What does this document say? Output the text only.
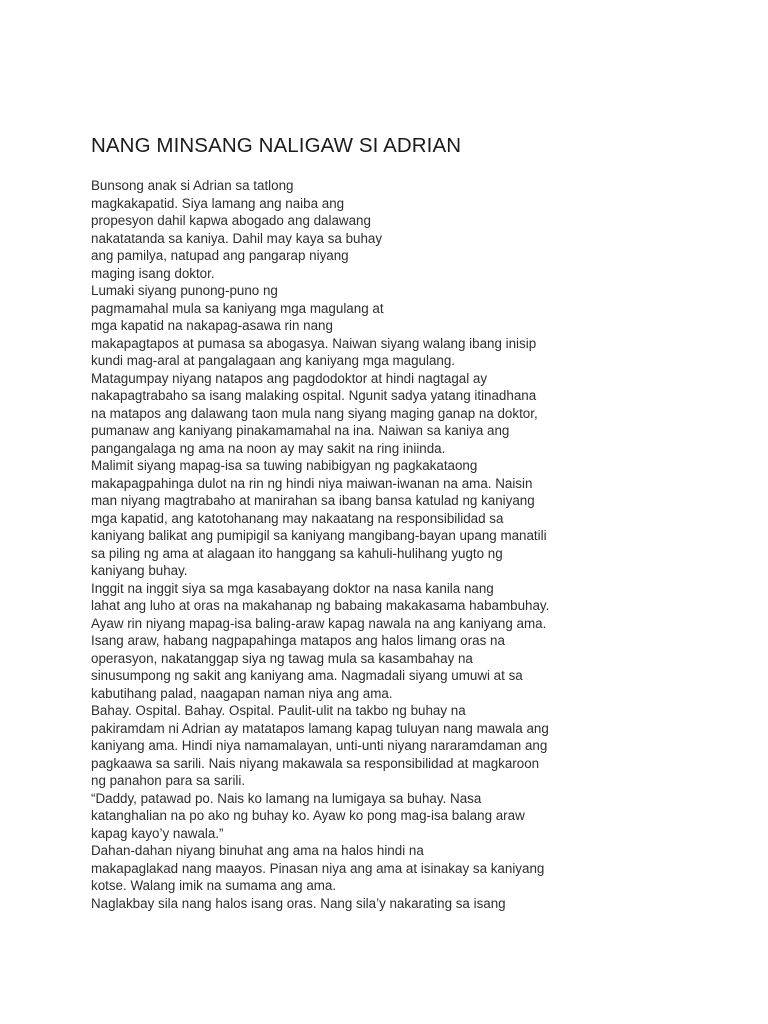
NANG MINSANG NALIGAW SI ADRIAN
Bunsong anak si Adrian sa tatlong
magkakapatid. Siya lamang ang naiba ang
propesyon dahil kapwa abogado ang dalawang
nakatatanda sa kaniya. Dahil may kaya sa buhay
ang pamilya, natupad ang pangarap niyang
maging isang doktor.
Lumaki siyang punong-puno ng
pagmamahal mula sa kaniyang mga magulang at
mga kapatid na nakapag-asawa rin nang
makapagtapos at pumasa sa abogasya. Naiwan siyang walang ibang inisip
kundi mag-aral at pangalagaan ang kaniyang mga magulang.
Matagumpay niyang natapos ang pagdodoktor at hindi nagtagal ay
nakapagtrabaho sa isang malaking ospital. Ngunit sadya yatang itinadhana
na matapos ang dalawang taon mula nang siyang maging ganap na doktor,
pumanaw ang kaniyang pinakamamahal na ina. Naiwan sa kaniya ang
pangangalaga ng ama na noon ay may sakit na ring iniinda.
Malimit siyang mapag-isa sa tuwing nabibigyan ng pagkakataong
makapagpahinga dulot na rin ng hindi niya maiwan-iwanan na ama. Naisin
man niyang magtrabaho at manirahan sa ibang bansa katulad ng kaniyang
mga kapatid, ang katotohanang may nakaatang na responsibilidad sa
kaniyang balikat ang pumipigil sa kaniyang mangibang-bayan upang manatili
sa piling ng ama at alagaan ito hanggang sa kahuli-hulihang yugto ng
kaniyang buhay.
Inggit na inggit siya sa mga kasabayang doktor na nasa kanila nang
lahat ang luho at oras na makahanap ng babaing makakasama habambuhay.
Ayaw rin niyang mapag-isa baling-araw kapag nawala na ang kaniyang ama.
Isang araw, habang nagpapahinga matapos ang halos limang oras na
operasyon, nakatanggap siya ng tawag mula sa kasambahay na
sinusumpong ng sakit ang kaniyang ama. Nagmadali siyang umuwi at sa
kabutihang palad, naagapan naman niya ang ama.
Bahay. Ospital. Bahay. Ospital. Paulit-ulit na takbo ng buhay na
pakiramdam ni Adrian ay matatapos lamang kapag tuluyan nang mawala ang
kaniyang ama. Hindi niya namamalayan, unti-unti niyang nararamdaman ang
pagkaawa sa sarili. Nais niyang makawala sa responsibilidad at magkaroon
ng panahon para sa sarili.
“Daddy, patawad po. Nais ko lamang na lumigaya sa buhay. Nasa
katanghalian na po ako ng buhay ko. Ayaw ko pong mag-isa balang araw
kapag kayo’y nawala.”
Dahan-dahan niyang binuhat ang ama na halos hindi na
makapaglakad nang maayos. Pinasan niya ang ama at isinakay sa kaniyang
kotse. Walang imik na sumama ang ama.
Naglakbay sila nang halos isang oras. Nang sila’y nakarating sa isang
